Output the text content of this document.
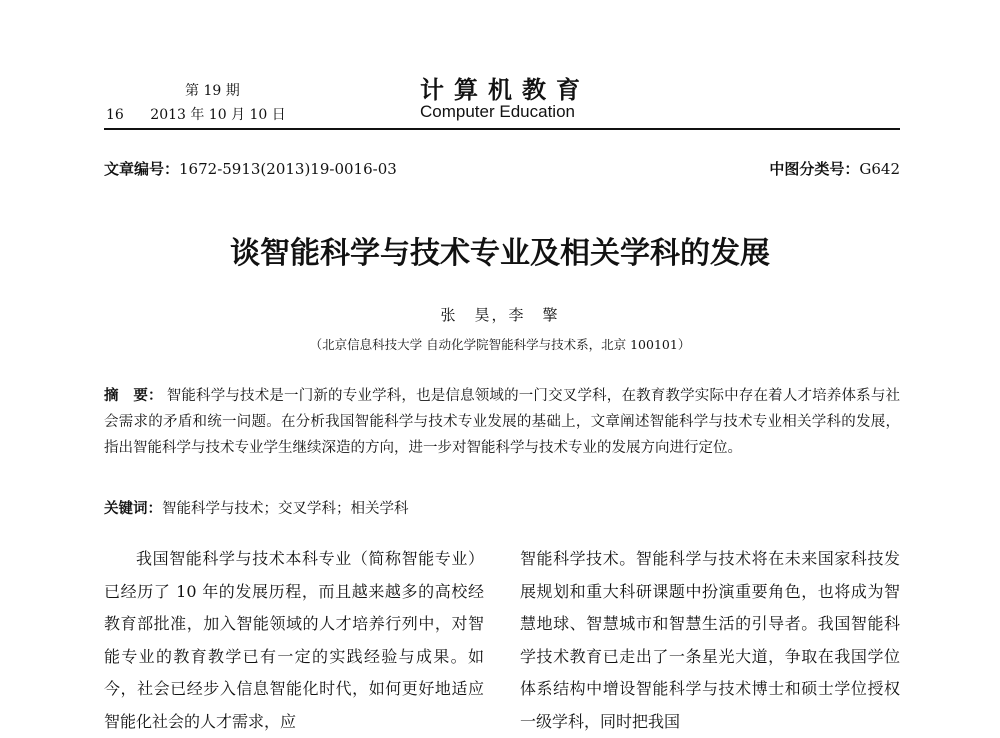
第 19 期
16 2013 年 10 月 10 日
计算机教育
Computer Education
文章编号：1672-5913(2013)19-0016-03	中图分类号：G642
谈智能科学与技术专业及相关学科的发展
张　昊，李　擎
（北京信息科技大学 自动化学院智能科学与技术系，北京 100101）
摘　要： 智能科学与技术是一门新的专业学科，也是信息领域的一门交叉学科，在教育教学实际中存在着人才培养体系与社会需求的矛盾和统一问题。在分析我国智能科学与技术专业发展的基础上，文章阐述智能科学与技术专业相关学科的发展，指出智能科学与技术专业学生继续深造的方向，进一步对智能科学与技术专业的发展方向进行定位。
关键词：智能科学与技术；交叉学科；相关学科
我国智能科学与技术本科专业（简称智能专业）已经历了 10 年的发展历程，而且越来越多的高校经教育部批准，加入智能领域的人才培养行列中，对智能专业的教育教学已有一定的实践经验与成果。如今，社会已经步入信息智能化时代，如何更好地适应智能化社会的人才需求，应
智能科学技术。智能科学与技术将在未来国家科技发展规划和重大科研课题中扮演重要角色，也将成为智慧地球、智慧城市和智慧生活的引导者。我国智能科学技术教育已走出了一条星光大道，争取在我国学位体系结构中增设智能科学与技术博士和硕士学位授权一级学科，同时把我国
